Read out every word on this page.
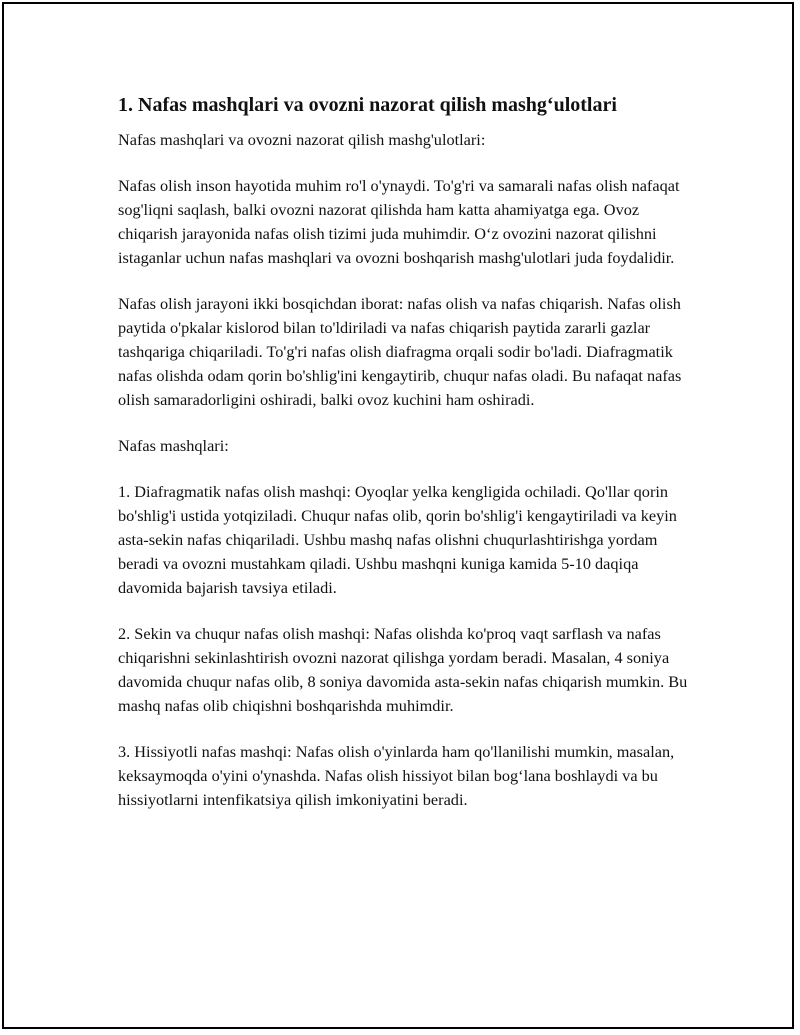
1. Nafas mashqlari va ovozni nazorat qilish mashg‘ulotlari

Nafas mashqlari va ovozni nazorat qilish mashg'ulotlari:

Nafas olish inson hayotida muhim ro'l o'ynaydi. To'g'ri va samarali nafas olish nafaqat sog'liqni saqlash, balki ovozni nazorat qilishda ham katta ahamiyatga ega. Ovoz chiqarish jarayonida nafas olish tizimi juda muhimdir. O‘z ovozini nazorat qilishni istaganlar uchun nafas mashqlari va ovozni boshqarish mashg'ulotlari juda foydalidir.

Nafas olish jarayoni ikki bosqichdan iborat: nafas olish va nafas chiqarish. Nafas olish paytida o'pkalar kislorod bilan to'ldiriladi va nafas chiqarish paytida zararli gazlar tashqariga chiqariladi. To'g'ri nafas olish diafragma orqali sodir bo'ladi. Diafragmatik nafas olishda odam qorin bo'shlig'ini kengaytirib, chuqur nafas oladi. Bu nafaqat nafas olish samaradorligini oshiradi, balki ovoz kuchini ham oshiradi.

Nafas mashqlari:

1. Diafragmatik nafas olish mashqi: Oyoqlar yelka kengligida ochiladi. Qo'llar qorin bo'shlig'i ustida yotqiziladi. Chuqur nafas olib, qorin bo'shlig'i kengaytiriladi va keyin asta-sekin nafas chiqariladi. Ushbu mashq nafas olishni chuqurlashtirishga yordam beradi va ovozni mustahkam qiladi. Ushbu mashqni kuniga kamida 5-10 daqiqa davomida bajarish tavsiya etiladi.

2. Sekin va chuqur nafas olish mashqi: Nafas olishda ko'proq vaqt sarflash va nafas chiqarishni sekinlashtirish ovozni nazorat qilishga yordam beradi. Masalan, 4 soniya davomida chuqur nafas olib, 8 soniya davomida asta-sekin nafas chiqarish mumkin. Bu mashq nafas olib chiqishni boshqarishda muhimdir.

3. Hissiyotli nafas mashqi: Nafas olish o'yinlarda ham qo'llanilishi mumkin, masalan, keksaymoqda o'yini o'ynashda. Nafas olish hissiyot bilan bog‘lana boshlaydi va bu hissiyotlarni intenfikatsiya qilish imkoniyatini beradi.
